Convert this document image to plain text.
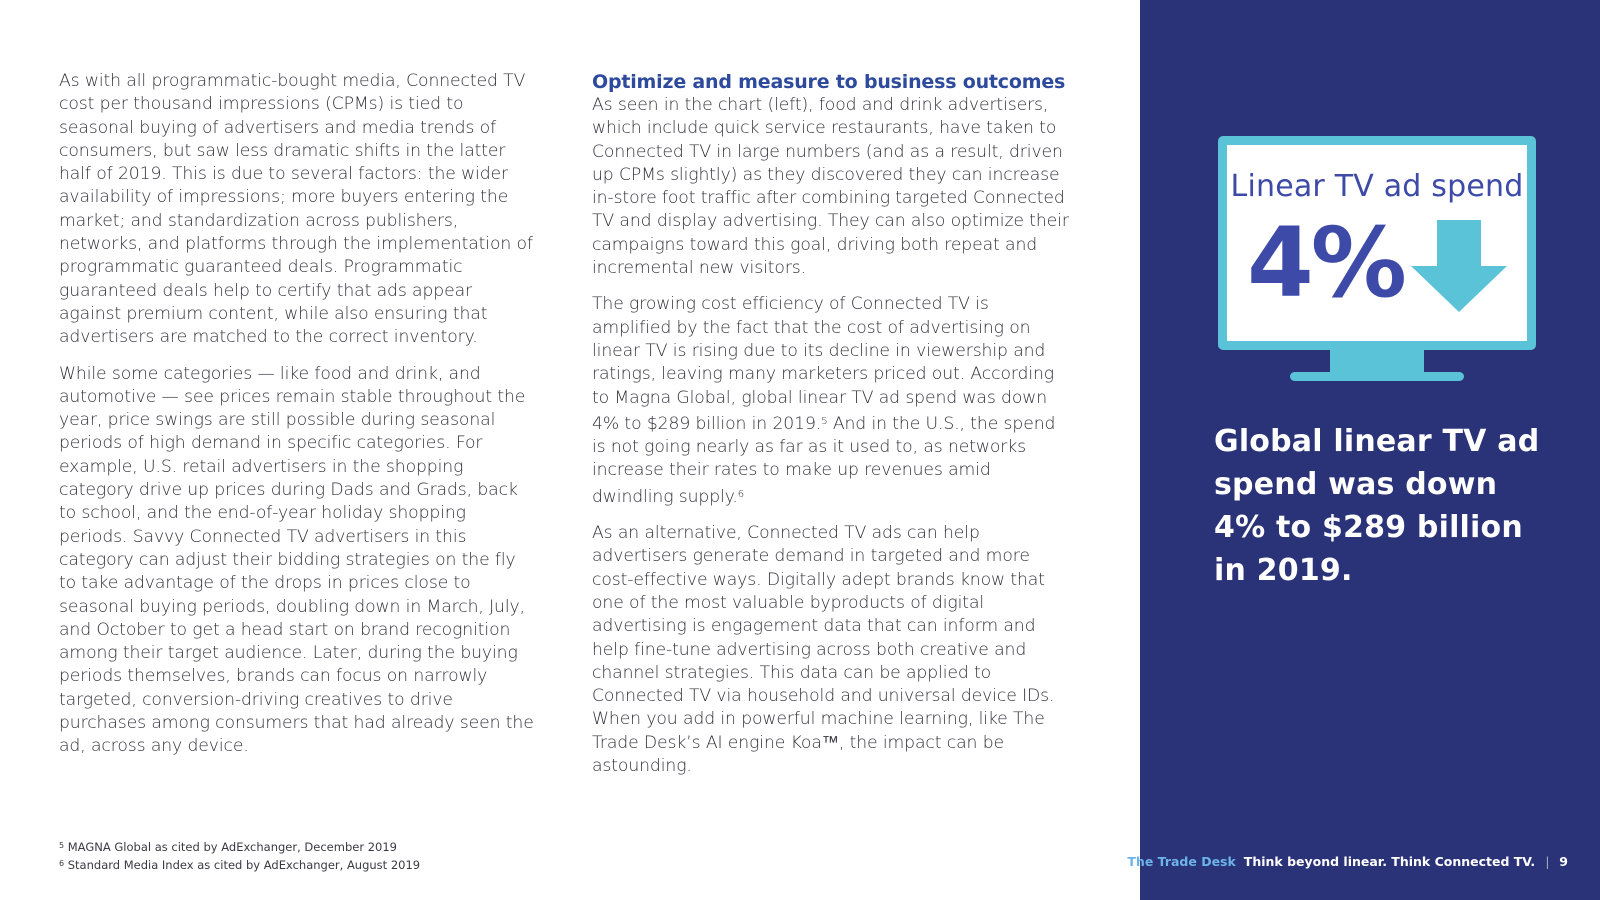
As with all programmatic-bought media, Connected TV cost per thousand impressions (CPMs) is tied to seasonal buying of advertisers and media trends of consumers, but saw less dramatic shifts in the latter half of 2019. This is due to several factors: the wider availability of impressions; more buyers entering the market; and standardization across publishers, networks, and platforms through the implementation of programmatic guaranteed deals. Programmatic guaranteed deals help to certify that ads appear against premium content, while also ensuring that advertisers are matched to the correct inventory.

While some categories — like food and drink, and automotive — see prices remain stable throughout the year, price swings are still possible during seasonal periods of high demand in specific categories. For example, U.S. retail advertisers in the shopping category drive up prices during Dads and Grads, back to school, and the end-of-year holiday shopping periods. Savvy Connected TV advertisers in this category can adjust their bidding strategies on the fly to take advantage of the drops in prices close to seasonal buying periods, doubling down in March, July, and October to get a head start on brand recognition among their target audience. Later, during the buying periods themselves, brands can focus on narrowly targeted, conversion-driving creatives to drive purchases among consumers that had already seen the ad, across any device.

Optimize and measure to business outcomes

As seen in the chart (left), food and drink advertisers, which include quick service restaurants, have taken to Connected TV in large numbers (and as a result, driven up CPMs slightly) as they discovered they can increase in-store foot traffic after combining targeted Connected TV and display advertising. They can also optimize their campaigns toward this goal, driving both repeat and incremental new visitors.

The growing cost efficiency of Connected TV is amplified by the fact that the cost of advertising on linear TV is rising due to its decline in viewership and ratings, leaving many marketers priced out. According to Magna Global, global linear TV ad spend was down 4% to $289 billion in 2019.$^5$ And in the U.S., the spend is not going nearly as far as it used to, as networks increase their rates to make up revenues amid dwindling supply.$^6$

As an alternative, Connected TV ads can help advertisers generate demand in targeted and more cost-effective ways. Digitally adept brands know that one of the most valuable byproducts of digital advertising is engagement data that can inform and help fine-tune advertising across both creative and channel strategies. This data can be applied to Connected TV via household and universal device IDs. When you add in powerful machine learning, like The Trade Desk’s AI engine Koa™, the impact can be astounding.

$^5$ MAGNA Global as cited by AdExchanger, December 2019

$^6$ Standard Media Index as cited by AdExchanger, August 2019

Linear TV ad spend
4%

Global linear TV ad spend was down 4% to $289 billion in 2019.

The Trade Desk Think beyond linear. Think Connected TV. | 9
